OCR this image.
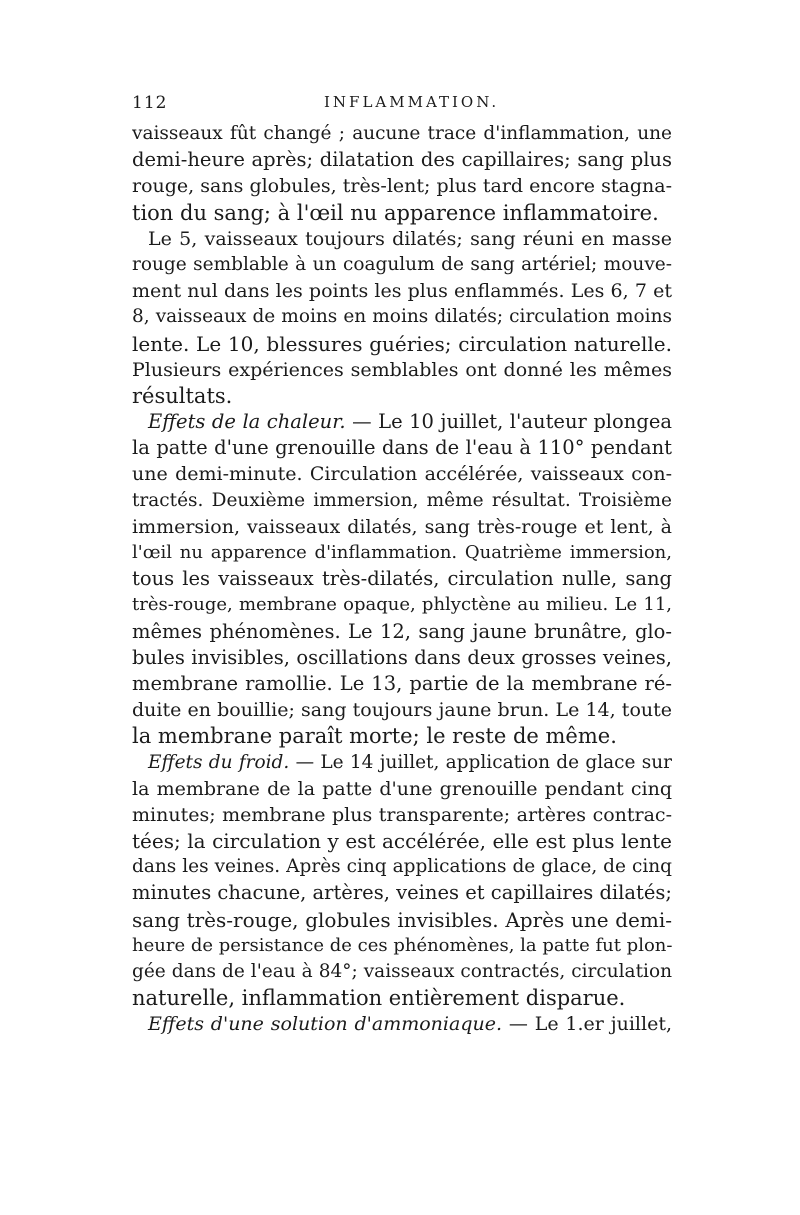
112	INFLAMMATION.
vaisseaux fût changé ; aucune trace d'inflammation, une
demi-heure après; dilatation des capillaires; sang plus
rouge, sans globules, très-lent; plus tard encore stagna-
tion du sang; à l'œil nu apparence inflammatoire.
Le 5, vaisseaux toujours dilatés; sang réuni en masse
rouge semblable à un coagulum de sang artériel; mouve-
ment nul dans les points les plus enflammés. Les 6, 7 et
8, vaisseaux de moins en moins dilatés; circulation moins
lente. Le 10, blessures guéries; circulation naturelle.
Plusieurs expériences semblables ont donné les mêmes
résultats.
Effets de la chaleur. — Le 10 juillet, l'auteur plongea
la patte d'une grenouille dans de l'eau à 110° pendant
une demi-minute. Circulation accélérée, vaisseaux con-
tractés. Deuxième immersion, même résultat. Troisième
immersion, vaisseaux dilatés, sang très-rouge et lent, à
l'œil nu apparence d'inflammation. Quatrième immersion,
tous les vaisseaux très-dilatés, circulation nulle, sang
très-rouge, membrane opaque, phlyctène au milieu. Le 11,
mêmes phénomènes. Le 12, sang jaune brunâtre, glo-
bules invisibles, oscillations dans deux grosses veines,
membrane ramollie. Le 13, partie de la membrane ré-
duite en bouillie; sang toujours jaune brun. Le 14, toute
la membrane paraît morte; le reste de même.
Effets du froid. — Le 14 juillet, application de glace sur
la membrane de la patte d'une grenouille pendant cinq
minutes; membrane plus transparente; artères contrac-
tées; la circulation y est accélérée, elle est plus lente
dans les veines. Après cinq applications de glace, de cinq
minutes chacune, artères, veines et capillaires dilatés;
sang très-rouge, globules invisibles. Après une demi-
heure de persistance de ces phénomènes, la patte fut plon-
gée dans de l'eau à 84°; vaisseaux contractés, circulation
naturelle, inflammation entièrement disparue.
Effets d'une solution d'ammoniaque. — Le 1.er juillet,
